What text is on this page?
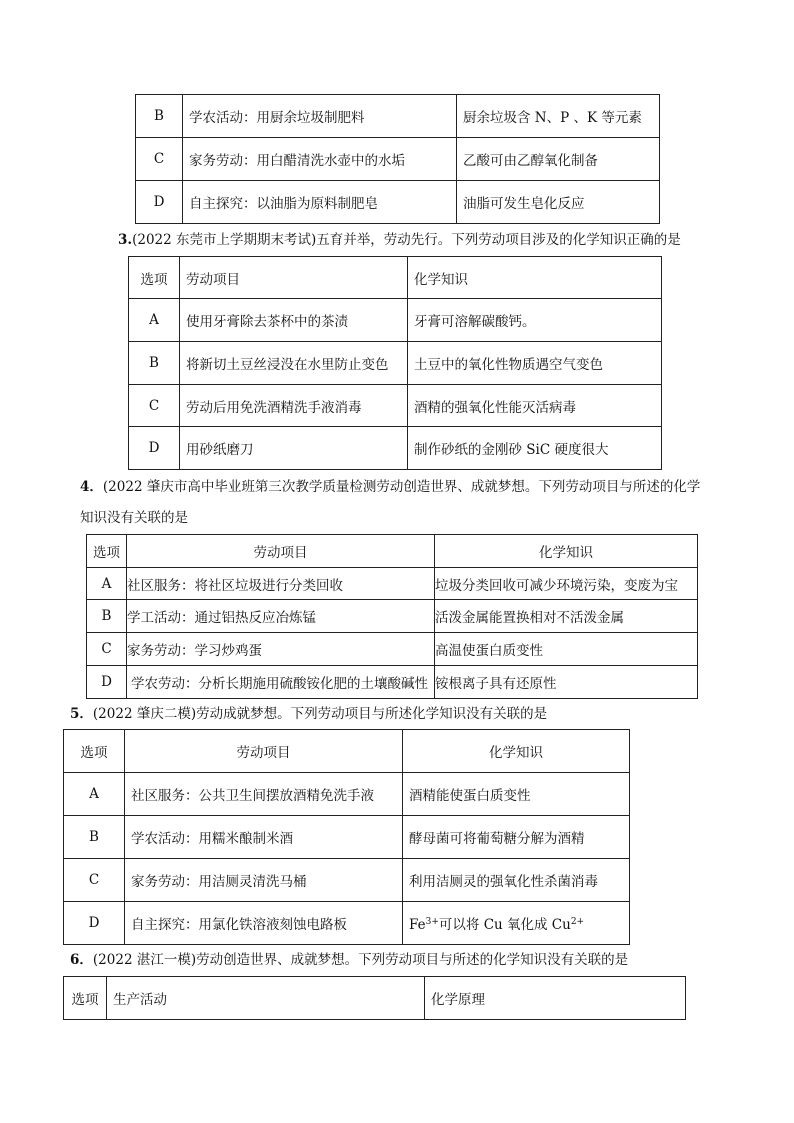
B	学农活动：用厨余垃圾制肥料	厨余垃圾含 N、P 、K 等元素
C	家务劳动：用白醋清洗水壶中的水垢	乙酸可由乙醇氧化制备
D	自主探究：以油脂为原料制肥皂	油脂可发生皂化反应
3.(2022 东莞市上学期期末考试)五育并举，劳动先行。下列劳动项目涉及的化学知识正确的是
选项	劳动项目	化学知识
A	使用牙膏除去茶杯中的茶渍	牙膏可溶解碳酸钙。
B	将新切土豆丝浸没在水里防止变色	土豆中的氧化性物质遇空气变色
C	劳动后用免洗酒精洗手液消毒	酒精的强氧化性能灭活病毒
D	用砂纸磨刀	制作砂纸的金刚砂 SiC 硬度很大
4．(2022 肇庆市高中毕业班第三次教学质量检测劳动创造世界、成就梦想。下列劳动项目与所述的化学
知识没有关联的是
选项	劳动项目	化学知识
A	社区服务：将社区垃圾进行分类回收	垃圾分类回收可减少环境污染，变废为宝
B	学工活动：通过铝热反应冶炼锰	活泼金属能置换相对不活泼金属
C	家务劳动：学习炒鸡蛋	高温使蛋白质变性
D	学农劳动：分析长期施用硫酸铵化肥的土壤酸碱性	铵根离子具有还原性
5．(2022 肇庆二模)劳动成就梦想。下列劳动项目与所述化学知识没有关联的是
选项	劳动项目	化学知识
A	社区服务：公共卫生间摆放酒精免洗手液	酒精能使蛋白质变性
B	学农活动：用糯米酿制米酒	酵母菌可将葡萄糖分解为酒精
C	家务劳动：用洁厕灵清洗马桶	利用洁厕灵的强氧化性杀菌消毒
D	自主探究：用氯化铁溶液刻蚀电路板	$Fe^{3+}$可以将 Cu 氧化成 $Cu^{2+}$
6．(2022 湛江一模)劳动创造世界、成就梦想。下列劳动项目与所述的化学知识没有关联的是
选项	生产活动	化学原理
